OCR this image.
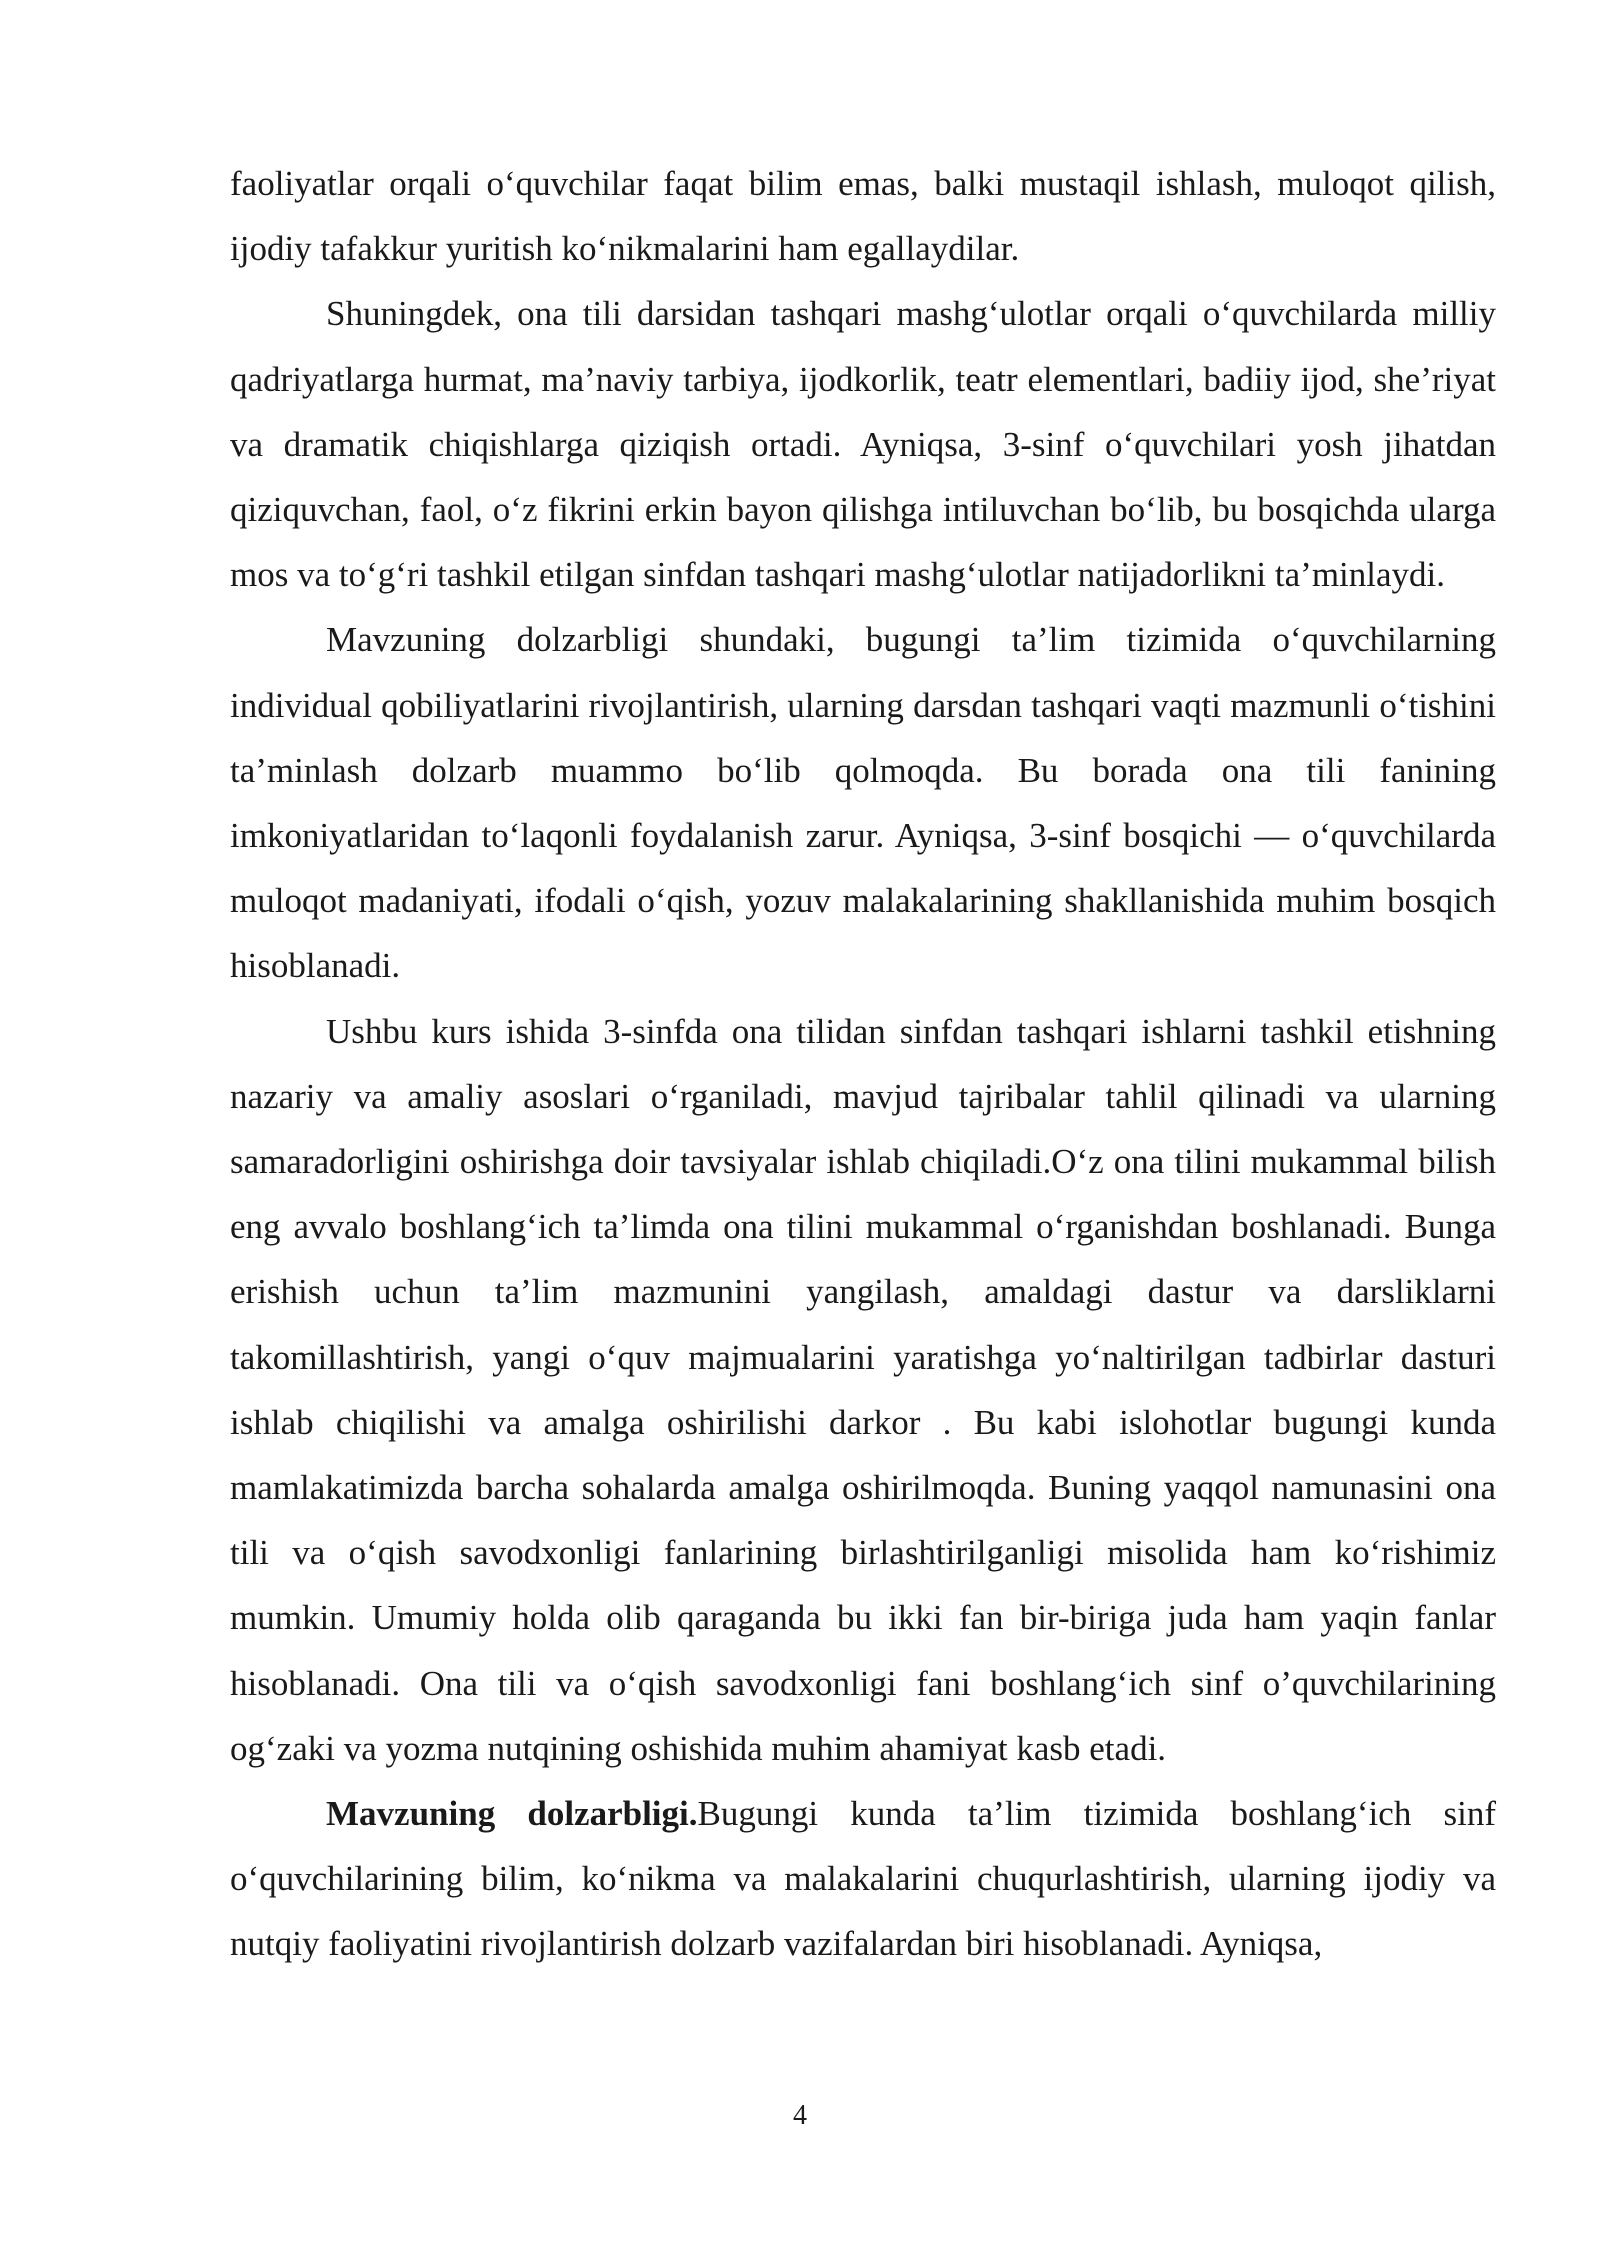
faoliyatlar orqali o‘quvchilar faqat bilim emas, balki mustaqil ishlash, muloqot qilish, ijodiy tafakkur yuritish ko‘nikmalarini ham egallaydilar.

Shuningdek, ona tili darsidan tashqari mashg‘ulotlar orqali o‘quvchilarda milliy qadriyatlarga hurmat, ma’naviy tarbiya, ijodkorlik, teatr elementlari, badiiy ijod, she’riyat va dramatik chiqishlarga qiziqish ortadi. Ayniqsa, 3-sinf o‘quvchilari yosh jihatdan qiziquvchan, faol, o‘z fikrini erkin bayon qilishga intiluvchan bo‘lib, bu bosqichda ularga mos va to‘g‘ri tashkil etilgan sinfdan tashqari mashg‘ulotlar natijadorlikni ta’minlaydi.

Mavzuning dolzarbligi shundaki, bugungi ta’lim tizimida o‘quvchilarning individual qobiliyatlarini rivojlantirish, ularning darsdan tashqari vaqti mazmunli o‘tishini ta’minlash dolzarb muammo bo‘lib qolmoqda. Bu borada ona tili fanining imkoniyatlaridan to‘laqonli foydalanish zarur. Ayniqsa, 3-sinf bosqichi — o‘quvchilarda muloqot madaniyati, ifodali o‘qish, yozuv malakalarining shakllanishida muhim bosqich hisoblanadi.

Ushbu kurs ishida 3-sinfda ona tilidan sinfdan tashqari ishlarni tashkil etishning nazariy va amaliy asoslari o‘rganiladi, mavjud tajribalar tahlil qilinadi va ularning samaradorligini oshirishga doir tavsiyalar ishlab chiqiladi.O‘z ona tilini mukammal bilish eng avvalo boshlang‘ich ta’limda ona tilini mukammal o‘rganishdan boshlanadi. Bunga erishish uchun ta’lim mazmunini yangilash, amaldagi dastur va darsliklarni takomillashtirish, yangi o‘quv majmualarini yaratishga yo‘naltirilgan tadbirlar dasturi ishlab chiqilishi va amalga oshirilishi darkor . Bu kabi islohotlar bugungi kunda mamlakatimizda barcha sohalarda amalga oshirilmoqda. Buning yaqqol namunasini ona tili va o‘qish savodxonligi fanlarining birlashtirilganligi misolida ham ko‘rishimiz mumkin. Umumiy holda olib qaraganda bu ikki fan bir-biriga juda ham yaqin fanlar hisoblanadi. Ona tili va o‘qish savodxonligi fani boshlang‘ich sinf o’quvchilarining og‘zaki va yozma nutqining oshishida muhim ahamiyat kasb etadi.

Mavzuning dolzarbligi.Bugungi kunda ta’lim tizimida boshlang‘ich sinf o‘quvchilarining bilim, ko‘nikma va malakalarini chuqurlashtirish, ularning ijodiy va nutqiy faoliyatini rivojlantirish dolzarb vazifalardan biri hisoblanadi. Ayniqsa,

4
